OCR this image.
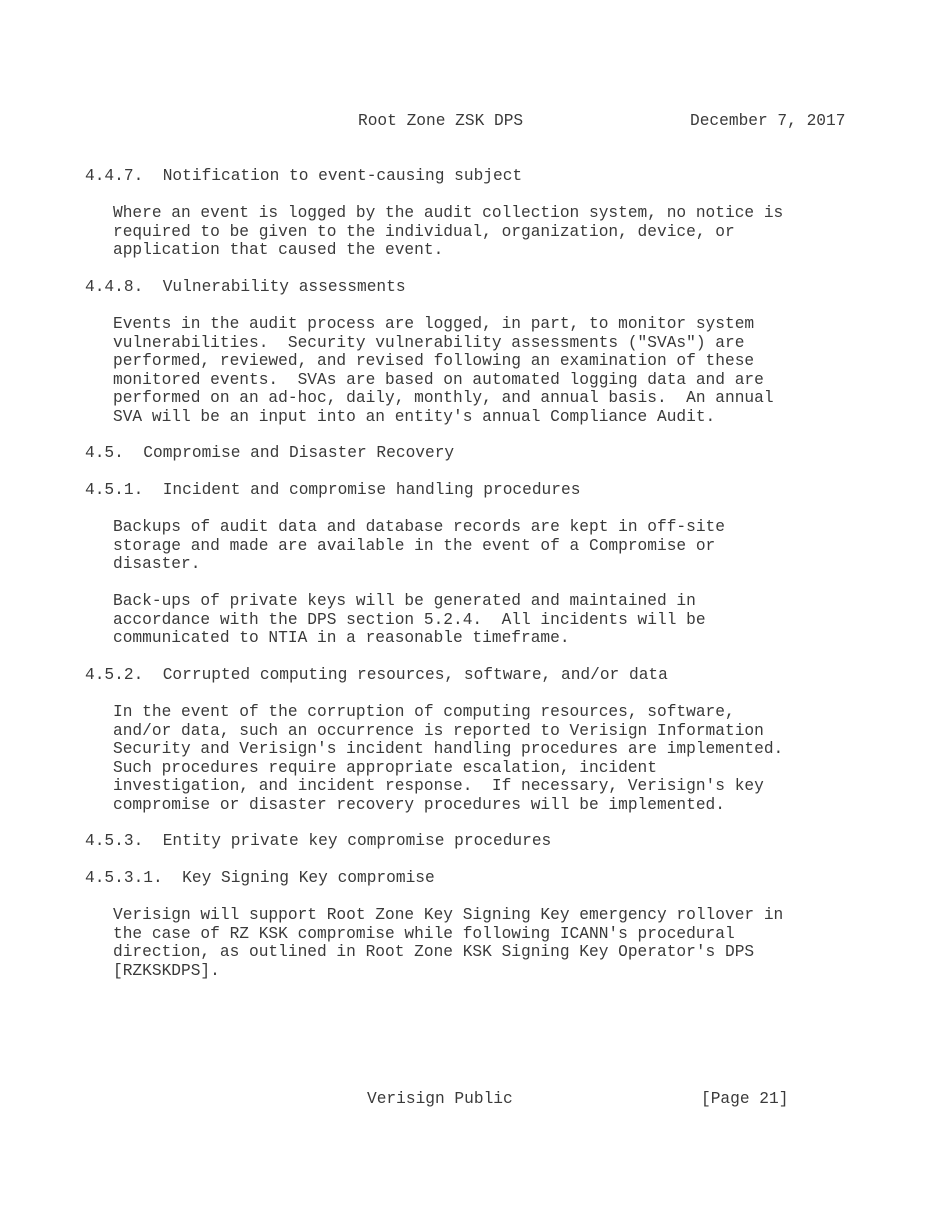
Root Zone ZSK DPS	December 7, 2017
4.4.7.  Notification to event-causing subject
Where an event is logged by the audit collection system, no notice is
required to be given to the individual, organization, device, or
application that caused the event.
4.4.8.  Vulnerability assessments
Events in the audit process are logged, in part, to monitor system
vulnerabilities.  Security vulnerability assessments ("SVAs") are
performed, reviewed, and revised following an examination of these
monitored events.  SVAs are based on automated logging data and are
performed on an ad-hoc, daily, monthly, and annual basis.  An annual
SVA will be an input into an entity's annual Compliance Audit.
4.5.  Compromise and Disaster Recovery
4.5.1.  Incident and compromise handling procedures
Backups of audit data and database records are kept in off-site
storage and made are available in the event of a Compromise or
disaster.
Back-ups of private keys will be generated and maintained in
accordance with the DPS section 5.2.4.  All incidents will be
communicated to NTIA in a reasonable timeframe.
4.5.2.  Corrupted computing resources, software, and/or data
In the event of the corruption of computing resources, software,
and/or data, such an occurrence is reported to Verisign Information
Security and Verisign's incident handling procedures are implemented.
Such procedures require appropriate escalation, incident
investigation, and incident response.  If necessary, Verisign's key
compromise or disaster recovery procedures will be implemented.
4.5.3.  Entity private key compromise procedures
4.5.3.1.  Key Signing Key compromise
Verisign will support Root Zone Key Signing Key emergency rollover in
the case of RZ KSK compromise while following ICANN's procedural
direction, as outlined in Root Zone KSK Signing Key Operator's DPS
[RZKSKDPS].
Verisign Public	[Page 21]
